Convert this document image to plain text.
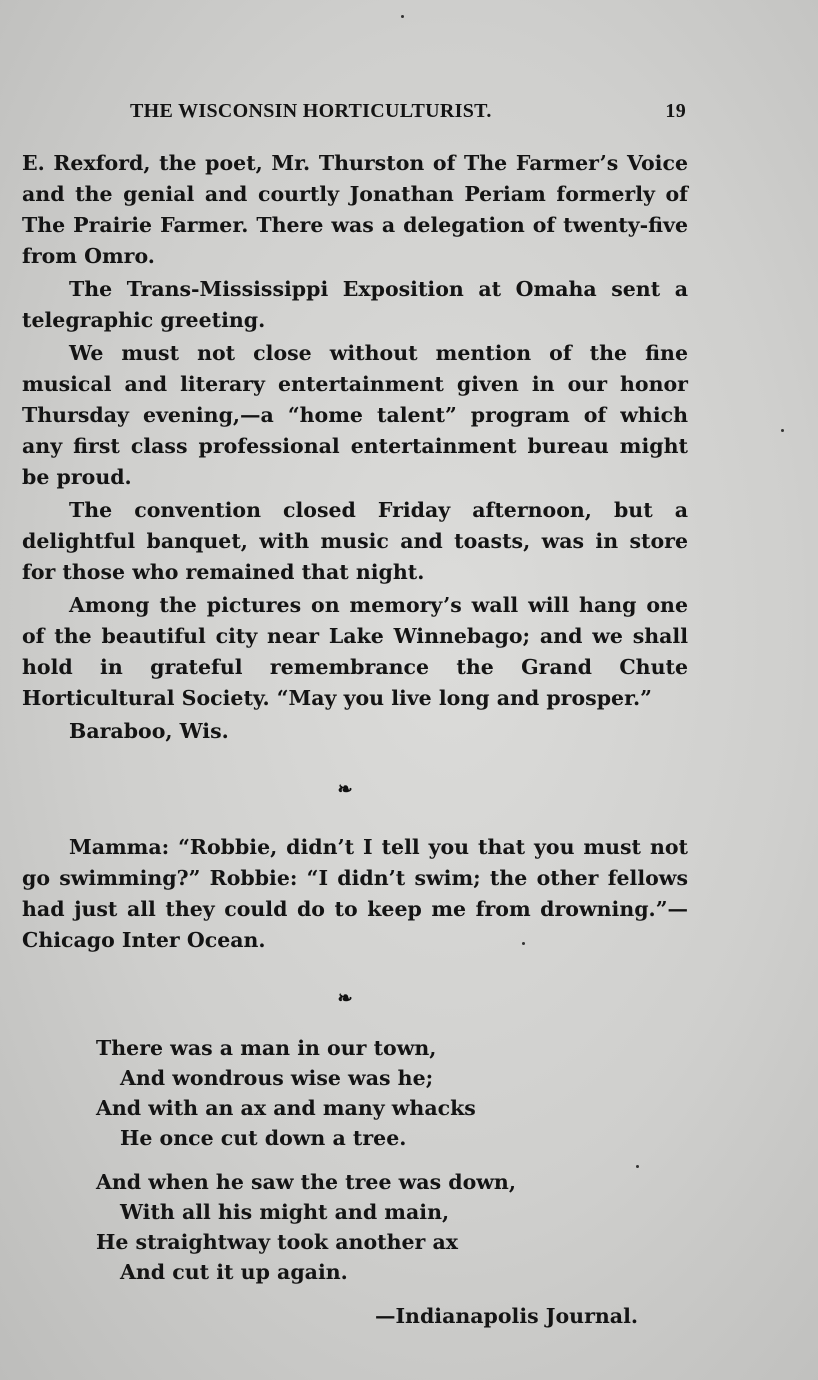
THE WISCONSIN HORTICULTURIST.	19

E. Rexford, the poet, Mr. Thurston of The Farmer’s Voice and the genial and courtly Jonathan Periam formerly of The Prairie Farmer. There was a delegation of twenty-five from Omro.

The Trans-Mississippi Exposition at Omaha sent a telegraphic greeting.

We must not close without mention of the fine musical and literary entertainment given in our honor Thursday evening,—a “home talent” program of which any first class professional entertainment bureau might be proud.

The convention closed Friday afternoon, but a delightful banquet, with music and toasts, was in store for those who remained that night.

Among the pictures on memory’s wall will hang one of the beautiful city near Lake Winnebago; and we shall hold in grateful remembrance the Grand Chute Horticultural Society. “May you live long and prosper.”

Baraboo, Wis.

❧

Mamma: “Robbie, didn’t I tell you that you must not go swimming?” Robbie: “I didn’t swim; the other fellows had just all they could do to keep me from drowning.”—Chicago Inter Ocean.

❧
There was a man in our town,
And wondrous wise was he;
And with an ax and many whacks
He once cut down a tree.
And when he saw the tree was down,
With all his might and main,
He straightway took another ax
And cut it up again.
—Indianapolis Journal.
